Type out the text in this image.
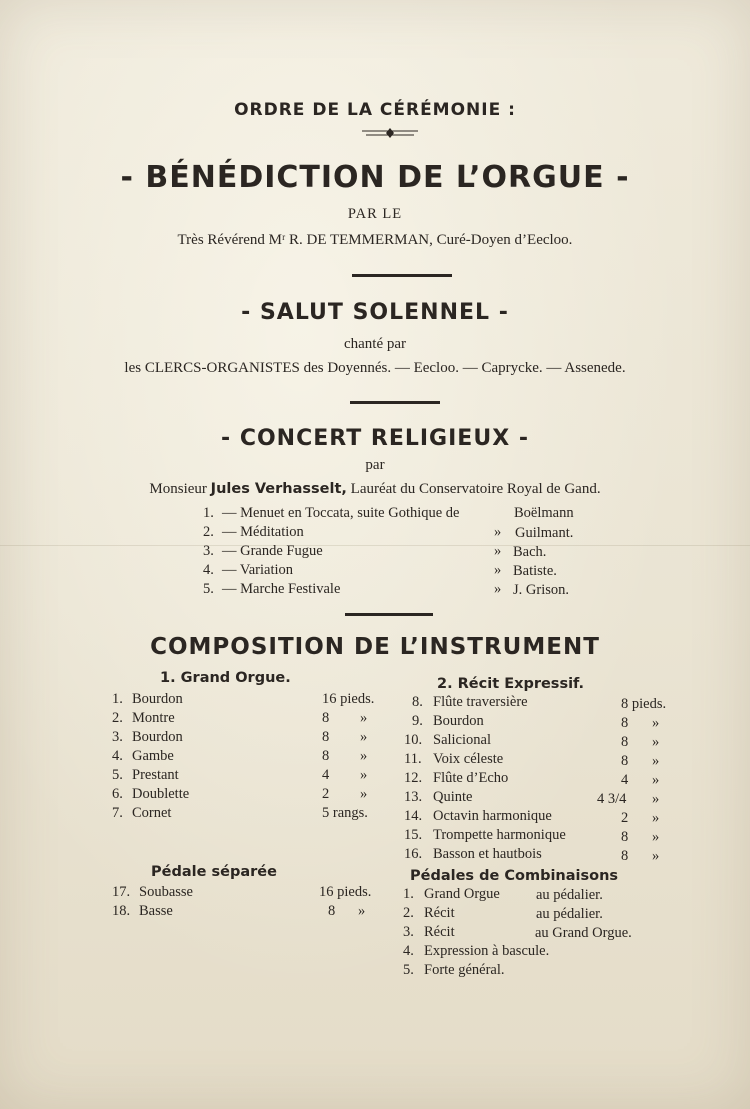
ORDRE DE LA CÉRÉMONIE :
- BÉNÉDICTION DE L’ORGUE -
PAR LE
Très Révérend Mʳ R. DE TEMMERMAN, Curé-Doyen d’Eecloo.
- SALUT SOLENNEL -
chanté par
les CLERCS-ORGANISTES des Doyennés. — Eecloo. — Caprycke. — Assenede.
- CONCERT RELIGIEUX -
par
Monsieur Jules Verhasselt, Lauréat du Conservatoire Royal de Gand.
1. — Menuet en Toccata, suite Gothique de	Boëlmann
2. — Méditation	» Guilmant.
3. — Grande Fugue	» Bach.
4. — Variation	» Batiste.
5. — Marche Festivale	» J. Grison.
COMPOSITION DE L’INSTRUMENT
1. Grand Orgue.
1. Bourdon	16 pieds.
2. Montre	8 »
3. Bourdon	8 »
4. Gambe	8 »
5. Prestant	4 »
6. Doublette	2 »
7. Cornet	5 rangs.
2. Récit Expressif.
8. Flûte traversière	8 pieds.
9. Bourdon	8 »
10. Salicional	8 »
11. Voix céleste	8 »
12. Flûte d’Echo	4 »
13. Quinte	4 3/4 »
14. Octavin harmonique	2 »
15. Trompette harmonique	8 »
16. Basson et hautbois	8 »
Pédale séparée
17. Soubasse	16 pieds.
18. Basse	8 »
Pédales de Combinaisons
1. Grand Orgue au pédalier.
2. Récit	au pédalier.
3. Récit	au Grand Orgue.
4. Expression à bascule.
5. Forte général.
